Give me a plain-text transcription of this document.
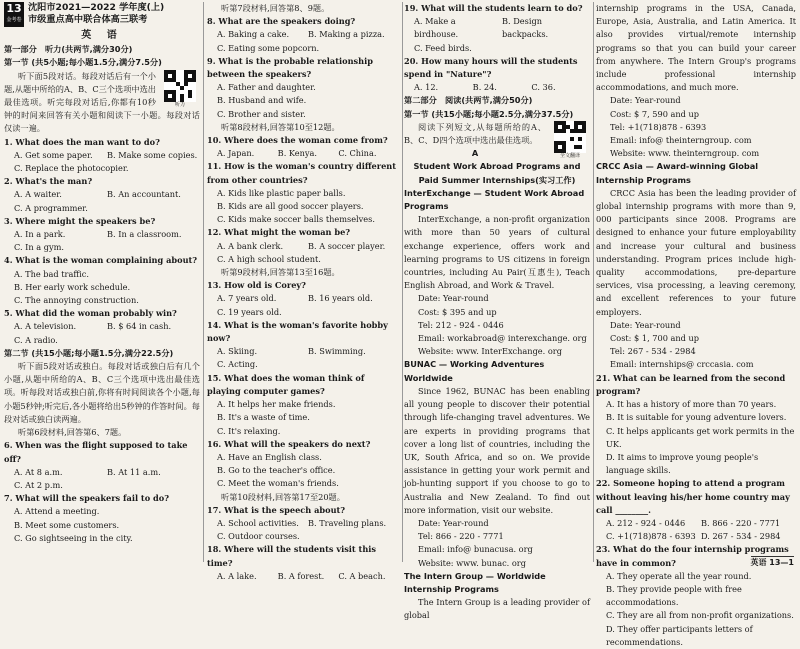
13
金考卷
沈阳市2021—2022 学年度(上)
市级重点高中联合体高三联考
英 语

第一部分　听力(共两节,满分30分)

第一节 (共5小题;每小题1.5分,满分7.5分)

听力

听下面5段对话。每段对话后有一个小题,从题中所给的A、B、C三个选项中选出最佳选项。听完每段对话后,你都有10秒钟的时间来回答有关小题和阅读下一小题。每段对话仅读一遍。

1. What does the man want to do?

A. Get some paper.	B. Make some copies.

C. Replace the photocopier.

2. What's the man?

A. A waiter.	B. An accountant.

C. A programmer.

3. Where might the speakers be?

A. In a park.	B. In a classroom.

C. In a gym.

4. What is the woman complaining about?

A. The bad traffic.

B. Her early work schedule.

C. The annoying construction.

5. What did the woman probably win?

A. A television.	B. $ 64 in cash.

C. A radio.

第二节 (共15小题;每小题1.5分,满分22.5分)

听下面5段对话或独白。每段对话或独白后有几个小题,从题中所给的A、B、C三个选项中选出最佳选项。听每段对话或独白前,你将有时间阅读各个小题,每小题5秒钟;听完后,各小题将给出5秒钟的作答时间。每段对话或独白读两遍。

听第6段材料,回答第6、7题。

6. When was the flight supposed to take off?

A. At 8 a.m.	B. At 11 a.m.

C. At 2 p.m.

7. What will the speakers fail to do?

A. Attend a meeting.

B. Meet some customers.

C. Go sightseeing in the city.

听第7段材料,回答第8、9题。

8. What are the speakers doing?

A. Baking a cake.	B. Making a pizza.

C. Eating some popcorn.

9. What is the probable relationship between the speakers?

A. Father and daughter.

B. Husband and wife.

C. Brother and sister.

听第8段材料,回答第10至12题。

10. Where does the woman come from?

A. Japan.	B. Kenya.	C. China.

11. How is the woman's country different from other countries?

A. Kids like plastic paper balls.

B. Kids are all good soccer players.

C. Kids make soccer balls themselves.

12. What might the woman be?

A. A bank clerk.	B. A soccer player.

C. A high school student.

听第9段材料,回答第13至16题。

13. How old is Corey?

A. 7 years old.	B. 16 years old.

C. 19 years old.

14. What is the woman's favorite hobby now?

A. Skiing.	B. Swimming.

C. Acting.

15. What does the woman think of playing computer games?

A. It helps her make friends.

B. It's a waste of time.

C. It's relaxing.

16. What will the speakers do next?

A. Have an English class.

B. Go to the teacher's office.

C. Meet the woman's friends.

听第10段材料,回答第17至20题。

17. What is the speech about?

A. School activities.	B. Traveling plans.

C. Outdoor courses.

18. Where will the students visit this time?

A. A lake.	B. A forest.	C. A beach.

19. What will the students learn to do?

A. Make a birdhouse.
B. Design backpacks.

C. Feed birds.

20. How many hours will the students spend in "Nature"?

A. 12.	B. 24.	C. 36.

第二部分　阅读(共两节,满分50分)

第一节 (共15小题;每小题2.5分,满分37.5分)

全文翻译

阅读下列短文,从每题所给的A、B、C、D四个选项中选出最佳选项。

A

Student Work Abroad Programs and Paid Summer Internships(实习工作)

InterExchange — Student Work Abroad Programs

InterExchange, a non-profit organization with more than 50 years of cultural exchange experience, offers work and learning programs to US citizens in foreign countries, including Au Pair(互惠生), Teach English Abroad, and Work & Travel.

Date: Year-round

Cost: $ 395 and up

Tel: 212 - 924 - 0446

Email: workabroad@ interexchange. org

Website: www. InterExchange. org

BUNAC — Working Adventures Worldwide

Since 1962, BUNAC has been enabling all young people to discover their potential through life-changing travel adventures. We are experts in providing programs that cover a long list of countries, including the UK, South Africa, and so on. We provide assistance in getting your work permit and job-hunting support if you choose to go to Australia and New Zealand. To find out more information, visit our website.

Date: Year-round

Tel: 866 - 220 - 7771

Email: info@ bunacusa. org

Website: www. bunac. org

The Intern Group — Worldwide Internship Programs

The Intern Group is a leading provider of global

internship programs in the USA, Canada, Europe, Asia, Australia, and Latin America. It also provides virtual/remote internship programs so that you can build your career from anywhere. The Intern Group's programs include professional internship accommodations, and much more.

Date: Year-round

Cost: $ 7, 590 and up

Tel: +1(718)878 - 6393

Email: info@ theinterngroup. com

Website: www. theinterngroup. com

CRCC Asia — Award-winning Global Internship Programs

CRCC Asia has been the leading provider of global internship programs with more than 9, 000 participants since 2008. Programs are designed to enhance your future employability and increase your cultural and business understanding. Program prices include high-quality accommodations, pre-departure services, visa processing, a leaving ceremony, and excellent references to your future employers.

Date: Year-round

Cost: $ 1, 700 and up

Tel: 267 - 534 - 2984

Email: internships@ crccasia. com

21. What can be learned from the second program?

A. It has a history of more than 70 years.

B. It is suitable for young adventure lovers.

C. It helps applicants get work permits in the UK.

D. It aims to improve young people's language skills.

22. Someone hoping to attend a program without leaving his/her home country may call ________.

A. 212 - 924 - 0446	B. 866 - 220 - 7771
C. +1(718)878 - 6393 D. 267 - 534 - 2984

23. What do the four internship programs have in common?

A. They operate all the year round.

B. They provide people with free accommodations.

C. They are all from non-profit organizations.

D. They offer participants letters of recommendations.

英语 13—1
